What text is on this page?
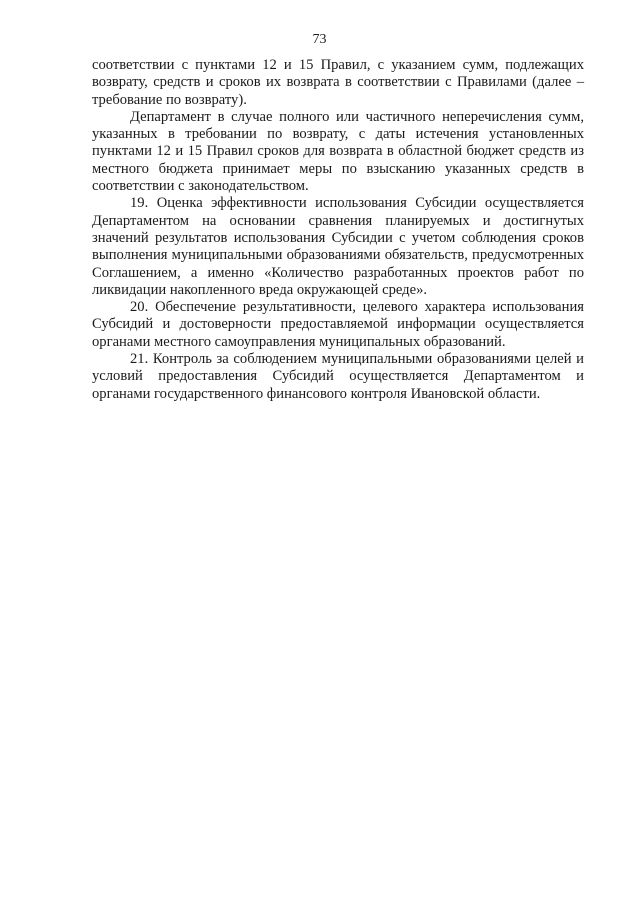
73

соответствии с пунктами 12 и 15 Правил, с указанием сумм, подлежащих возврату, средств и сроков их возврата в соответствии с Правилами (далее – требование по возврату).

Департамент в случае полного или частичного неперечисления сумм, указанных в требовании по возврату, с даты истечения установленных пунктами 12 и 15 Правил сроков для возврата в областной бюджет средств из местного бюджета принимает меры по взысканию указанных средств в соответствии с законодательством.

19. Оценка эффективности использования Субсидии осуществляется Департаментом на основании сравнения планируемых и достигнутых значений результатов использования Субсидии с учетом соблюдения сроков выполнения муниципальными образованиями обязательств, предусмотренных Соглашением, а именно «Количество разработанных проектов работ по ликвидации накопленного вреда окружающей среде».

20. Обеспечение результативности, целевого характера использования Субсидий и достоверности предоставляемой информации осуществляется органами местного самоуправления муниципальных образований.

21. Контроль за соблюдением муниципальными образованиями целей и условий предоставления Субсидий осуществляется Департаментом и органами государственного финансового контроля Ивановской области.
